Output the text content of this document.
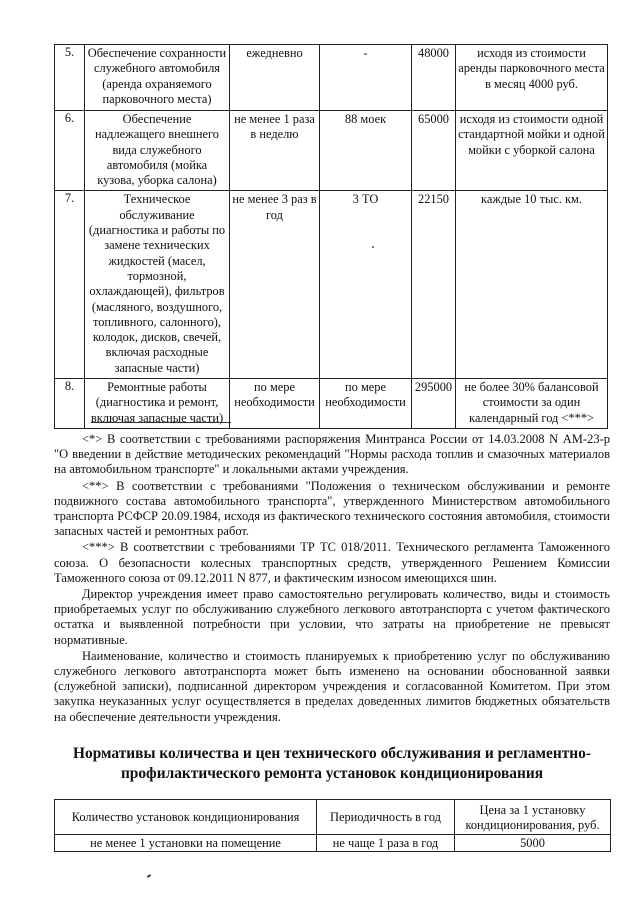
5.	Обеспечение сохранности служебного автомобиля (аренда охраняемого парковочного места)	ежедневно	-	48000	исходя из стоимости аренды парковочного места в месяц 4000 руб.
6.	Обеспечение надлежащего внешнего вида служебного автомобиля (мойка кузова, уборка салона)	не менее 1 раза в неделю	88 моек	65000	исходя из стоимости одной стандартной мойки и одной мойки с уборкой салона
7.	Техническое обслуживание (диагностика и работы по замене технических жидкостей (масел, тормозной, охлаждающей), фильтров (масляного, воздушного, топливного, салонного), колодок, дисков, свечей, включая расходные запасные части)	не менее 3 раз в год	3 ТО	22150	каждые 10 тыс. км.
8.	Ремонтные работы (диагностика и ремонт, включая запасные части)	по мере необходимости	по мере необходимости	295000	не более 30% балансовой стоимости за один календарный год <***>

<*> В соответствии с требованиями распоряжения Минтранса России от 14.03.2008 N АМ-23-р "О введении в действие методических рекомендаций "Нормы расхода топлив и смазочных материалов на автомобильном транспорте" и локальными актами учреждения.

<**> В соответствии с требованиями "Положения о техническом обслуживании и ремонте подвижного состава автомобильного транспорта", утвержденного Министерством автомобильного транспорта РСФСР 20.09.1984, исходя из фактического технического состояния автомобиля, стоимости запасных частей и ремонтных работ.

<***> В соответствии с требованиями ТР ТС 018/2011. Технического регламента Таможенного союза. О безопасности колесных транспортных средств, утвержденного Решением Комиссии Таможенного союза от 09.12.2011 N 877, и фактическим износом имеющихся шин.

Директор учреждения имеет право самостоятельно регулировать количество, виды и стоимость приобретаемых услуг по обслуживанию служебного легкового автотранспорта с учетом фактического остатка и выявленной потребности при условии, что затраты на приобретение не превысят нормативные.

Наименование, количество и стоимость планируемых к приобретению услуг по обслуживанию служебного легкового автотранспорта может быть изменено на основании обоснованной заявки (служебной записки), подписанной директором учреждения и согласованной Комитетом. При этом закупка неуказанных услуг осуществляется в пределах доведенных лимитов бюджетных обязательств на обеспечение деятельности учреждения.

Нормативы количества и цен технического обслуживания и регламентно-профилактического ремонта установок кондиционирования
Количество установок кондиционирования	Периодичность в год	Цена за 1 установку кондиционирования, руб.
не менее 1 установки на помещение	не чаще 1 раза в год	5000
